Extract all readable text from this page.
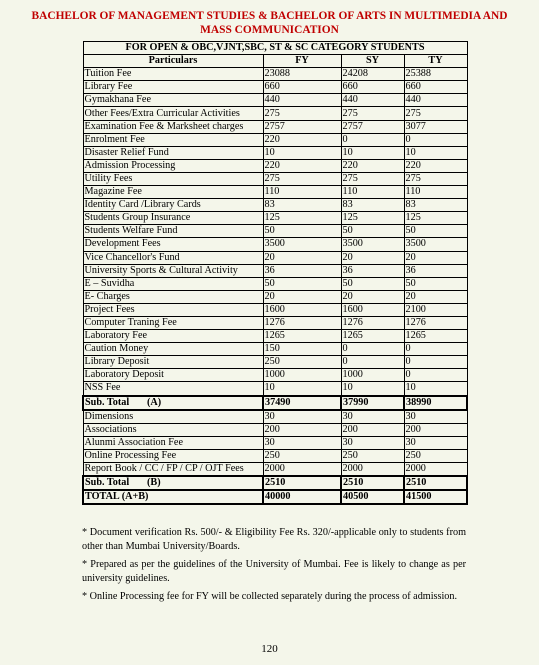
BACHELOR OF MANAGEMENT STUDIES & BACHELOR OF ARTS IN MULTIMEDIA AND
MASS COMMUNICATION
FOR OPEN & OBC,VJNT,SBC, ST & SC CATEGORY STUDENTS			
Particulars	FY	SY	TY
Tuition Fee	23088	24208	25388
Library Fee	660	660	660
Gymakhana Fee	440	440	440
Other Fees/Extra Curricular Activities	275	275	275
Examination Fee & Marksheet charges	2757	2757	3077
Enrolment Fee	220	0	0
Disaster Relief Fund	10	10	10
Admission Processing	220	220	220
Utility Fees	275	275	275
Magazine Fee	110	110	110
Identity Card /Library Cards	83	83	83
Students Group Insurance	125	125	125
Students Welfare Fund	50	50	50
Development Fees	3500	3500	3500
Vice Chancellor's Fund	20	20	20
University Sports & Cultural Activity	36	36	36
E – Suvidha	50	50	50
E- Charges	20	20	20
Project Fees	1600	1600	2100
Computer Traning Fee	1276	1276	1276
Laboratory Fee	1265	1265	1265
Caution Money	150	0	0
Library Deposit	250	0	0
Laboratory Deposit	1000	1000	0
NSS Fee	10	10	10
Sub. Total (A)	37490	37990	38990
Dimensions	30	30	30
Associations	200	200	200
Alunmi Association Fee	30	30	30
Online Processing Fee	250	250	250
Report Book / CC / FP / CP / OJT Fees	2000	2000	2000
Sub. Total (B)	2510	2510	2510
TOTAL (A+B)	40000	40500	41500

* Document verification Rs. 500/- & Eligibility Fee Rs. 320/-applicable only to students from other than Mumbai University/Boards.

* Prepared as per the guidelines of the University of Mumbai. Fee is likely to change as per university guidelines.

* Online Processing fee for FY will be collected separately during the process of admission.

120
